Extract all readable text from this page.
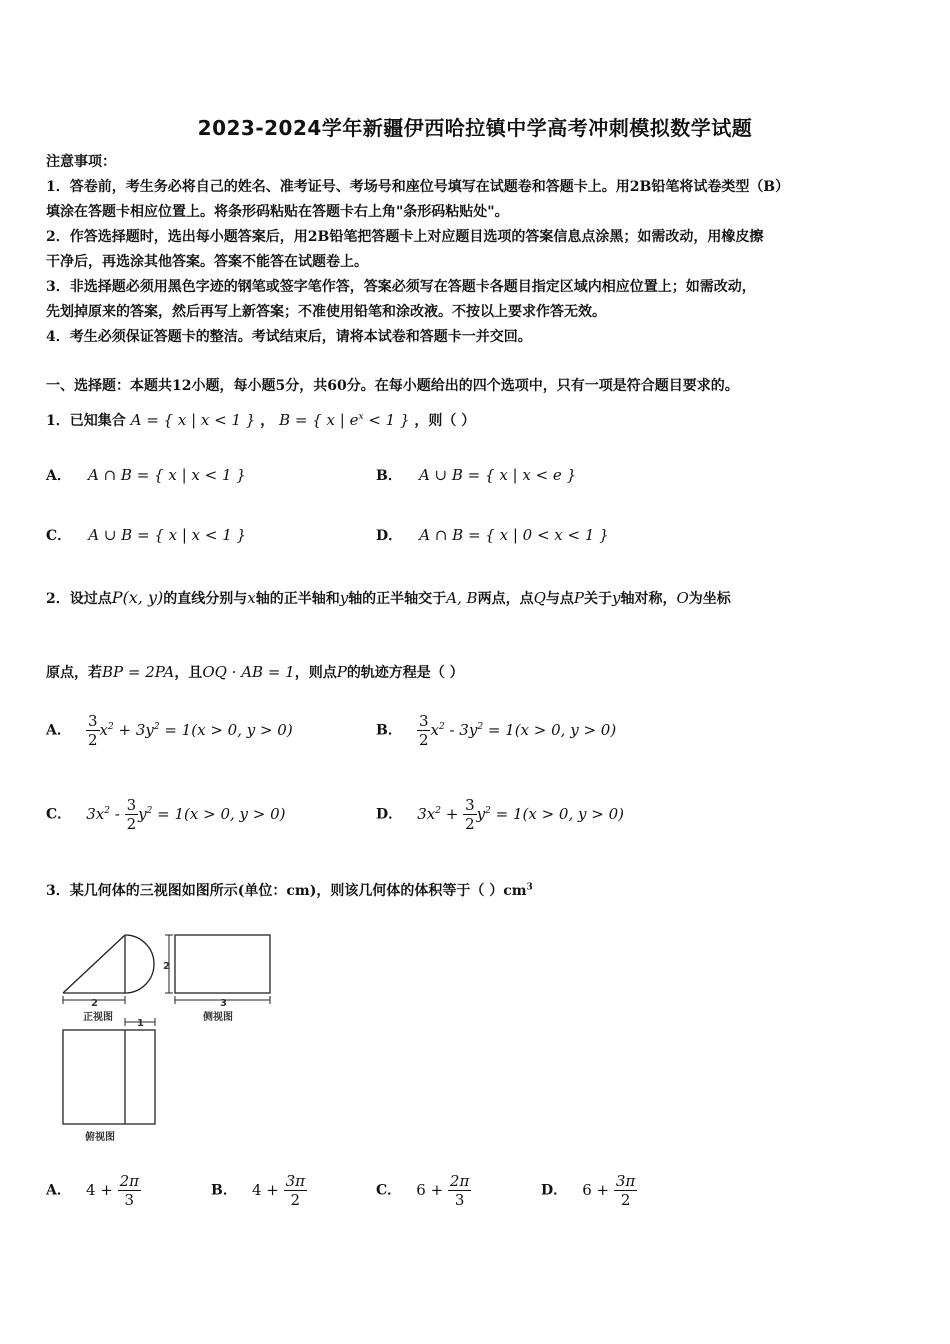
2023-2024学年新疆伊西哈拉镇中学高考冲刺模拟数学试题

注意事项：

1．答卷前，考生务必将自己的姓名、准考证号、考场号和座位号填写在试题卷和答题卡上。用2B铅笔将试卷类型（B）

填涂在答题卡相应位置上。将条形码粘贴在答题卡右上角"条形码粘贴处"。

2．作答选择题时，选出每小题答案后，用2B铅笔把答题卡上对应题目选项的答案信息点涂黑；如需改动，用橡皮擦

干净后，再选涂其他答案。答案不能答在试题卷上。

3．非选择题必须用黑色字迹的钢笔或签字笔作答，答案必须写在答题卡各题目指定区域内相应位置上；如需改动，

先划掉原来的答案，然后再写上新答案；不准使用铅笔和涂改液。不按以上要求作答无效。

4．考生必须保证答题卡的整洁。考试结束后，请将本试卷和答题卡一并交回。

一、选择题：本题共12小题，每小题5分，共60分。在每小题给出的四个选项中，只有一项是符合题目要求的。
1．已知集合 A = { x | x < 1 } ， B = { x | $e^x < 1$ } ，则（ ）
A． A ∩ B = { x | x < 1 }	B． A ∪ B = { x | x < e }
C． A ∪ B = { x | x < 1 }	D． A ∩ B = { x | 0 < x < 1 }
2．设过点P(x, y)的直线分别与x轴的正半轴和y轴的正半轴交于A, B两点，点Q与点P关于y轴对称，O为坐标
原点，若BP = 2PA，且OQ · AB = 1，则点P的轨迹方程是（ ）
A． $\frac{3}{2} x^2 + 3y^2 = 1(x > 0$, y > 0)	B． $\frac{3}{2} x^2 - 3y^2 = 1(x > 0$, y > 0)
C． $3x^2 - \frac{3}{2} y^2 = 1(x > 0$, y > 0)	D． $3x^2 + \frac{3}{2} y^2 = 1(x > 0$, y > 0)
3．某几何体的三视图如图所示(单位：cm)，则该几何体的体积等于（ ）$cm^3$
2
正视图
2
3
侧视图
1
俯视图
A． $4 + \frac{2\pi}{3}$	B． $4 + \frac{3\pi}{2}$	C． $6 + \frac{2\pi}{3}$	D． $6 + \frac{3\pi}{2}$
